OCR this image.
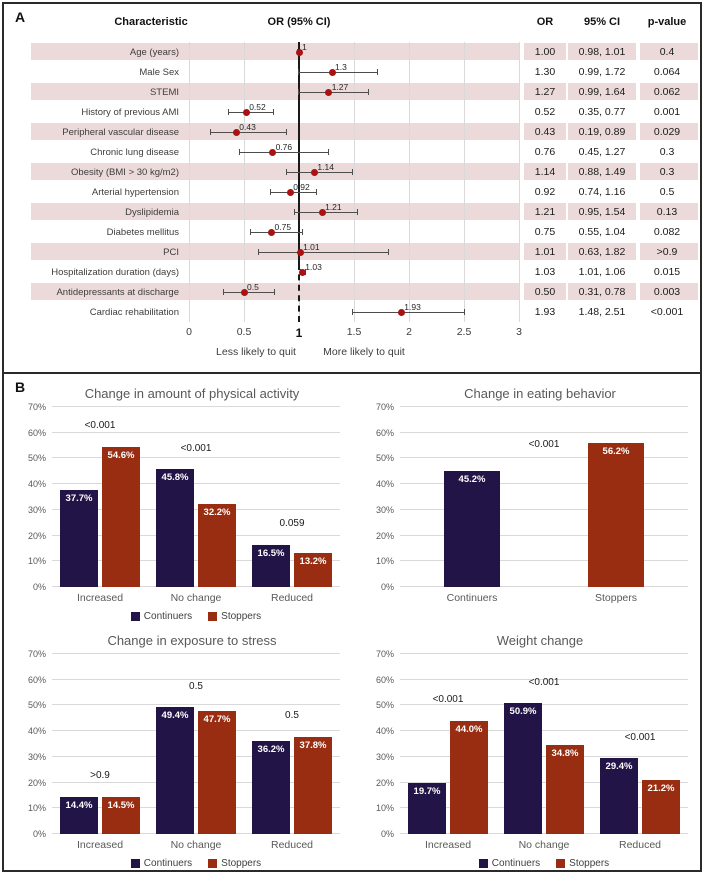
A	Characteristic	OR (95% CI)	OR	95% CI	p-value
Age (years)	1	1.00	0.98, 1.01	0.4
Male Sex	1.3	1.30	0.99, 1.72	0.064
STEMI	1.27	1.27	0.99, 1.64	0.062
History of previous AMI	0.52	0.52	0.35, 0.77	0.001
Peripheral vascular disease	0.43	0.43	0.19, 0.89	0.029
Chronic lung disease	0.76	0.76	0.45, 1.27	0.3
Obesity (BMI > 30 kg/m2)	1.14	1.14	0.88, 1.49	0.3
Arterial hypertension	0.92	0.92	0.74, 1.16	0.5
Dyslipidemia	1.21	1.21	0.95, 1.54	0.13
Diabetes mellitus	0.75	0.75	0.55, 1.04	0.082
PCI	1.01	1.01	0.63, 1.82	>0.9
Hospitalization duration (days)	1.03	1.03	1.01, 1.06	0.015
Antidepressants at discharge	0.5	0.50	0.31, 0.78	0.003
Cardiac rehabilitation	1.93	1.93	1.48, 2.51	<0.001
0	0.5	1	1.5	2	2.5	3
Less likely to quit	More likely to quit
B	Change in amount of physical activity
0%
10%
20%
30%
40%
50%
60%
70%
37.7%
54.6%
<0.001
45.8%
32.2%
<0.001
16.5%
13.2%
0.059
Increased	No change	Reduced
Continuers	Stoppers
Change in eating behavior
0%
10%
20%
30%
40%
50%
60%
70%
45.2%
56.2%
<0.001
Continuers	Stoppers
Change in exposure to stress
0%
10%
20%
30%
40%
50%
60%
70%
14.4%	14.5%
>0.9
49.4%	47.7%
0.5
36.2%	37.8%
0.5
Increased	No change	Reduced
Continuers	Stoppers
Weight change
0%
10%
20%
30%
40%
50%
60%
70%
19.7%
44.0%
<0.001
50.9%
34.8%
<0.001
29.4%
21.2%
<0.001
Increased	No change	Reduced
Continuers	Stoppers
